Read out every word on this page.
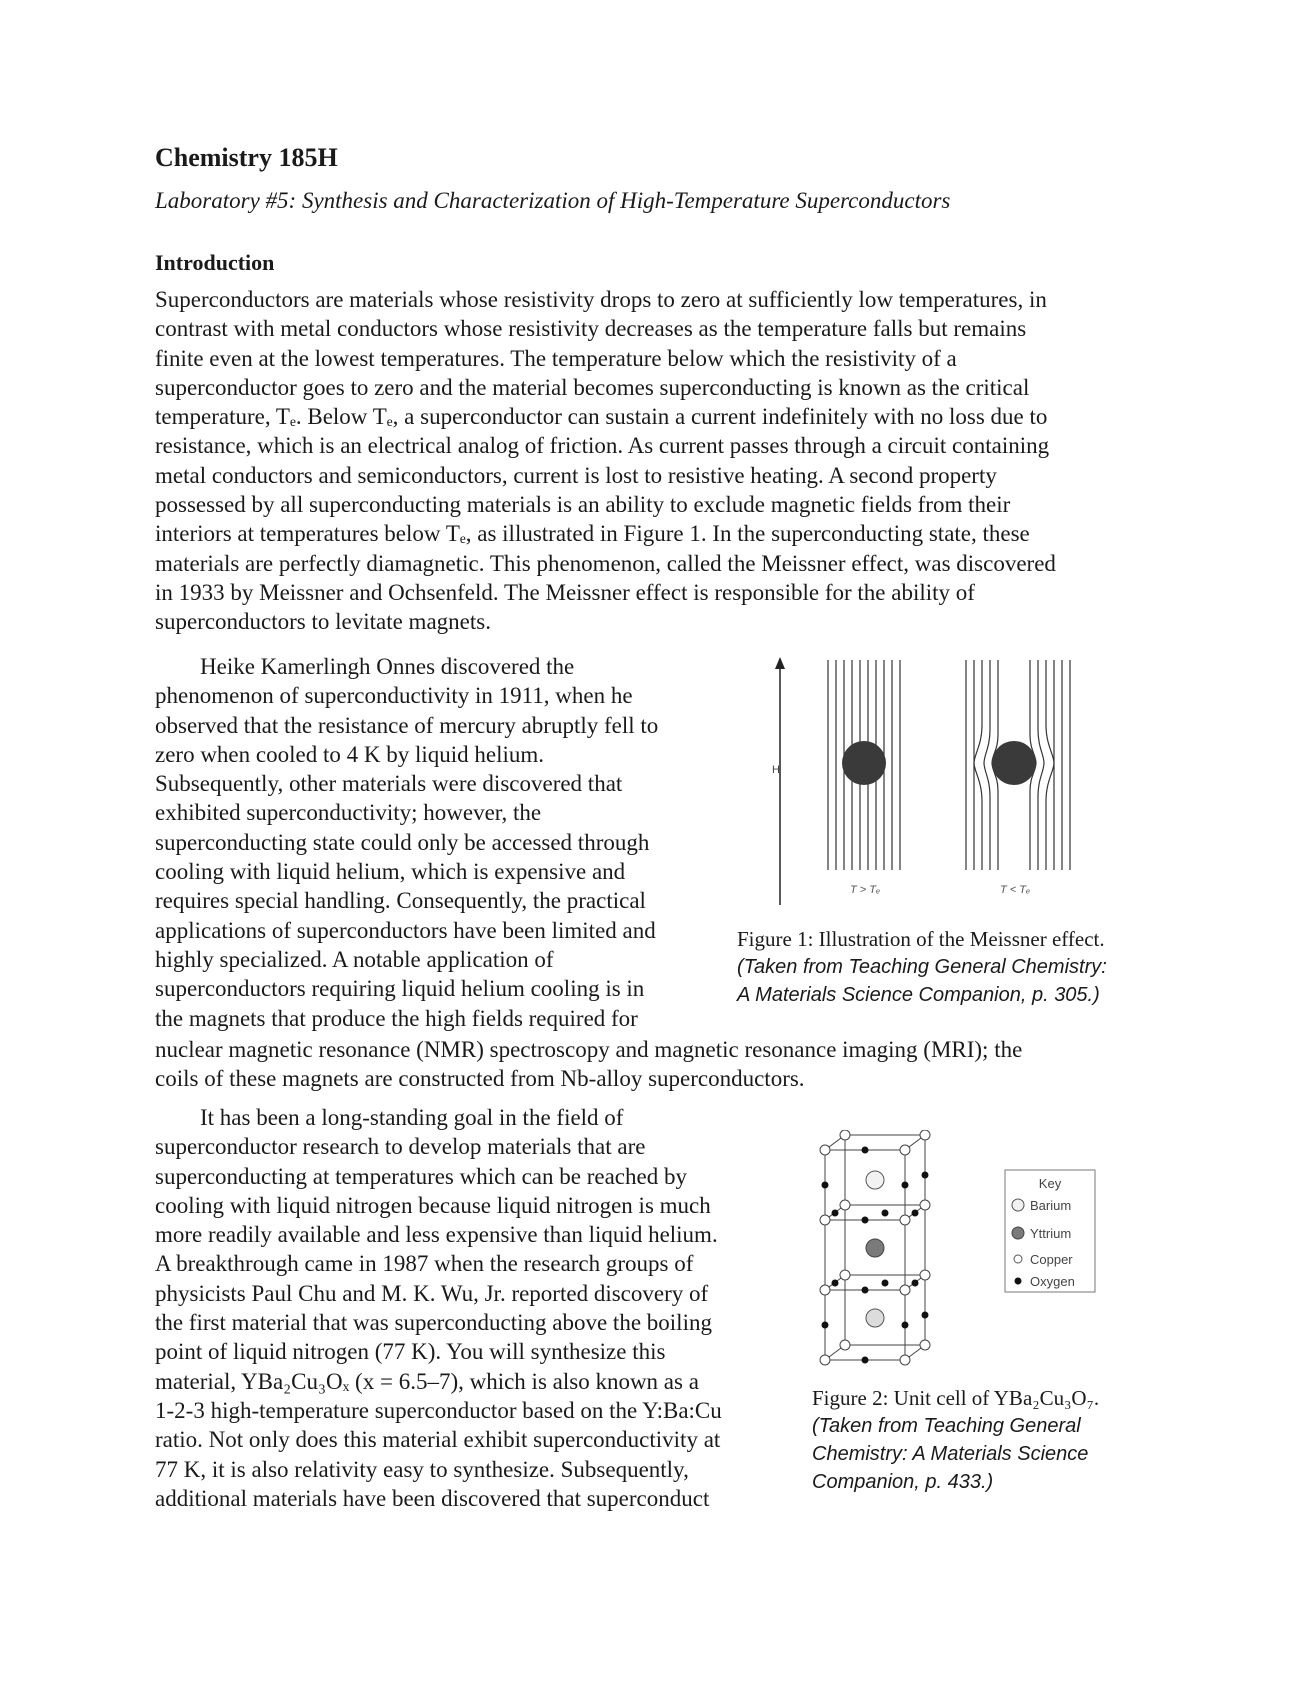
Chemistry 185H
Laboratory #5: Synthesis and Characterization of High-Temperature Superconductors
Introduction
Superconductors are materials whose resistivity drops to zero at sufficiently low temperatures, in
contrast with metal conductors whose resistivity decreases as the temperature falls but remains
finite even at the lowest temperatures. The temperature below which the resistivity of a
superconductor goes to zero and the material becomes superconducting is known as the critical
temperature, Tₑ. Below Tₑ, a superconductor can sustain a current indefinitely with no loss due to
resistance, which is an electrical analog of friction. As current passes through a circuit containing
metal conductors and semiconductors, current is lost to resistive heating. A second property
possessed by all superconducting materials is an ability to exclude magnetic fields from their
interiors at temperatures below Tₑ, as illustrated in Figure 1. In the superconducting state, these
materials are perfectly diamagnetic. This phenomenon, called the Meissner effect, was discovered
in 1933 by Meissner and Ochsenfeld. The Meissner effect is responsible for the ability of
superconductors to levitate magnets.
Heike Kamerlingh Onnes discovered the
phenomenon of superconductivity in 1911, when he
observed that the resistance of mercury abruptly fell to
zero when cooled to 4 K by liquid helium.
Subsequently, other materials were discovered that
exhibited superconductivity; however, the
superconducting state could only be accessed through
cooling with liquid helium, which is expensive and
requires special handling. Consequently, the practical
applications of superconductors have been limited and
highly specialized. A notable application of
superconductors requiring liquid helium cooling is in
the magnets that produce the high fields required for
nuclear magnetic resonance (NMR) spectroscopy and magnetic resonance imaging (MRI); the
coils of these magnets are constructed from Nb-alloy superconductors.
H
T > Tₑ	T < Tₑ
Figure 1: Illustration of the Meissner effect.
(Taken from Teaching General Chemistry:
A Materials Science Companion, p. 305.)
It has been a long-standing goal in the field of
superconductor research to develop materials that are
superconducting at temperatures which can be reached by
cooling with liquid nitrogen because liquid nitrogen is much
more readily available and less expensive than liquid helium.
A breakthrough came in 1987 when the research groups of
physicists Paul Chu and M. K. Wu, Jr. reported discovery of
the first material that was superconducting above the boiling
point of liquid nitrogen (77 K). You will synthesize this
material, YBa₂Cu₃Oₓ (x = 6.5–7), which is also known as a
1-2-3 high-temperature superconductor based on the Y:Ba:Cu
ratio. Not only does this material exhibit superconductivity at
77 K, it is also relativity easy to synthesize. Subsequently,
additional materials have been discovered that superconduct
Key
Barium
Yttrium
Copper
Oxygen
Figure 2: Unit cell of YBa₂Cu₃O₇.
(Taken from Teaching General
Chemistry: A Materials Science
Companion, p. 433.)
